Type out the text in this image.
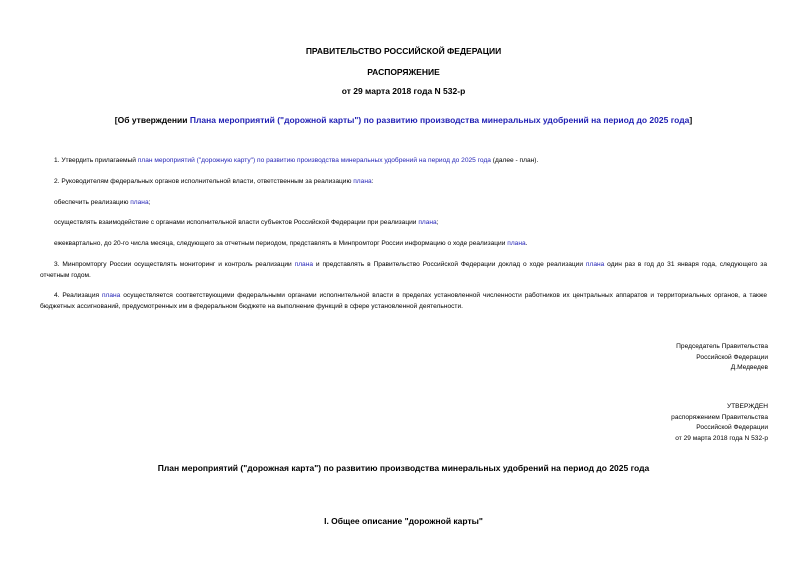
ПРАВИТЕЛЬСТВО РОССИЙСКОЙ ФЕДЕРАЦИИ
РАСПОРЯЖЕНИЕ
от 29 марта 2018 года N 532-р
[Об утверждении Плана мероприятий ("дорожной карты") по развитию производства минеральных удобрений на период до 2025 года]
1. Утвердить прилагаемый план мероприятий ("дорожную карту") по развитию производства минеральных удобрений на период до 2025 года (далее - план).
2. Руководителям федеральных органов исполнительной власти, ответственным за реализацию плана:
обеспечить реализацию плана;
осуществлять взаимодействие с органами исполнительной власти субъектов Российской Федерации при реализации плана;
ежеквартально, до 20-го числа месяца, следующего за отчетным периодом, представлять в Минпромторг России информацию о ходе реализации плана.
3. Минпромторгу России осуществлять мониторинг и контроль реализации плана и представлять в Правительство Российской Федерации доклад о ходе реализации плана один раз в год до 31 января года, следующего за отчетным годом.
4. Реализация плана осуществляется соответствующими федеральными органами исполнительной власти в пределах установленной численности работников их центральных аппаратов и территориальных органов, а также бюджетных ассигнований, предусмотренных им в федеральном бюджете на выполнение функций в сфере установленной деятельности.
Председатель Правительства
Российской Федерации
Д.Медведев
УТВЕРЖДЕН
распоряжением Правительства
Российской Федерации
от 29 марта 2018 года N 532-р
План мероприятий ("дорожная карта") по развитию производства минеральных удобрений на период до 2025 года
I. Общее описание "дорожной карты"
